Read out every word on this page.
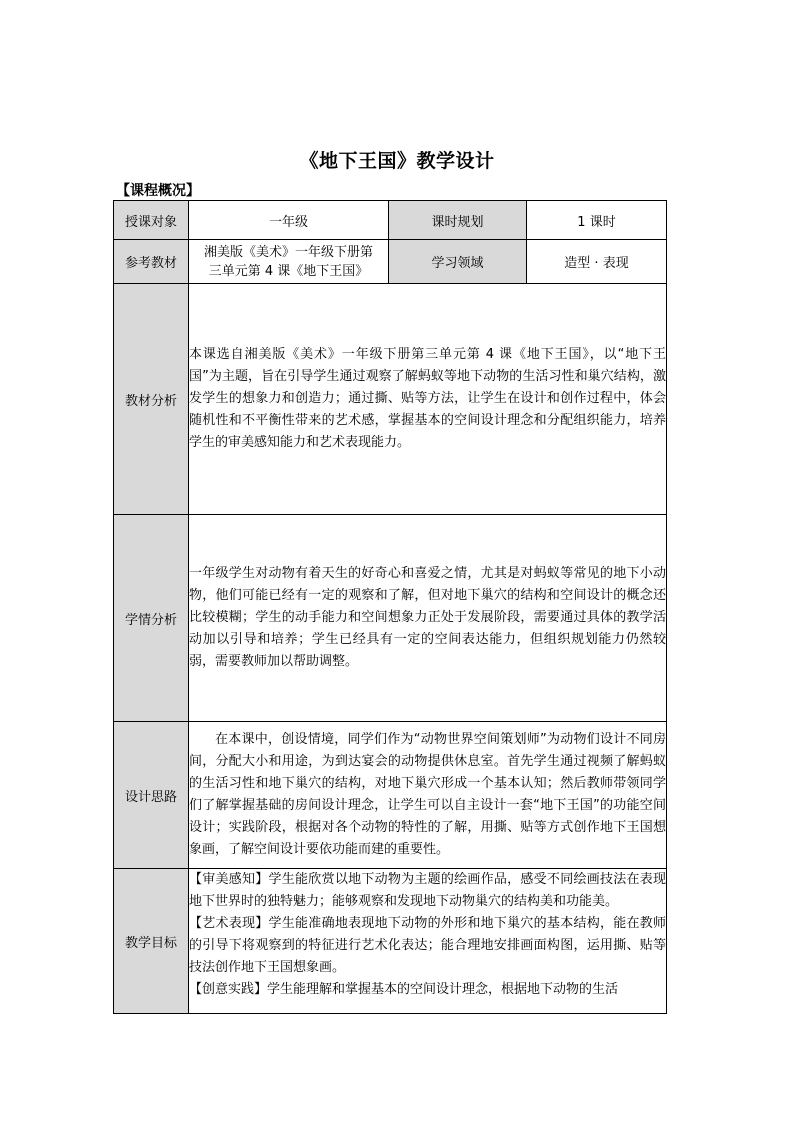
《地下王国》教学设计
【课程概况】
授课对象	一年级	课时规划	1 课时
参考教材	湘美版《美术》一年级下册第
三单元第 4 课《地下王国》	学习领域	造型 · 表现
教材分析	本课选自湘美版《美术》一年级下册第三单元第 4 课《地下王国》，以“地下王国”为主题，旨在引导学生通过观察了解蚂蚁等地下动物的生活习性和巢穴结构，激发学生的想象力和创造力；通过撕、贴等方法，让学生在设计和创作过程中，体会随机性和不平衡性带来的艺术感，掌握基本的空间设计理念和分配组织能力，培养学生的审美感知能力和艺术表现能力。		
学情分析	一年级学生对动物有着天生的好奇心和喜爱之情，尤其是对蚂蚁等常见的地下小动物，他们可能已经有一定的观察和了解，但对地下巢穴的结构和空间设计的概念还比较模糊；学生的动手能力和空间想象力正处于发展阶段，需要通过具体的教学活动加以引导和培养；学生已经具有一定的空间表达能力，但组织规划能力仍然较弱，需要教师加以帮助调整。		
设计思路	在本课中，创设情境，同学们作为“动物世界空间策划师”为动物们设计不同房间，分配大小和用途，为到达宴会的动物提供休息室。首先学生通过视频了解蚂蚁的生活习性和地下巢穴的结构，对地下巢穴形成一个基本认知；然后教师带领同学们了解掌握基础的房间设计理念，让学生可以自主设计一套“地下王国”的功能空间设计；实践阶段，根据对各个动物的特性的了解，用撕、贴等方式创作地下王国想象画，了解空间设计要依功能而建的重要性。		
教学目标	【审美感知】学生能欣赏以地下动物为主题的绘画作品，感受不同绘画技法在表现地下世界时的独特魅力；能够观察和发现地下动物巢穴的结构美和功能美。

【艺术表现】学生能准确地表现地下动物的外形和地下巢穴的基本结构，能在教师的引导下将观察到的特征进行艺术化表达；能合理地安排画面构图，运用撕、贴等技法创作地下王国想象画。

【创意实践】学生能理解和掌握基本的空间设计理念，根据地下动物的生活		
